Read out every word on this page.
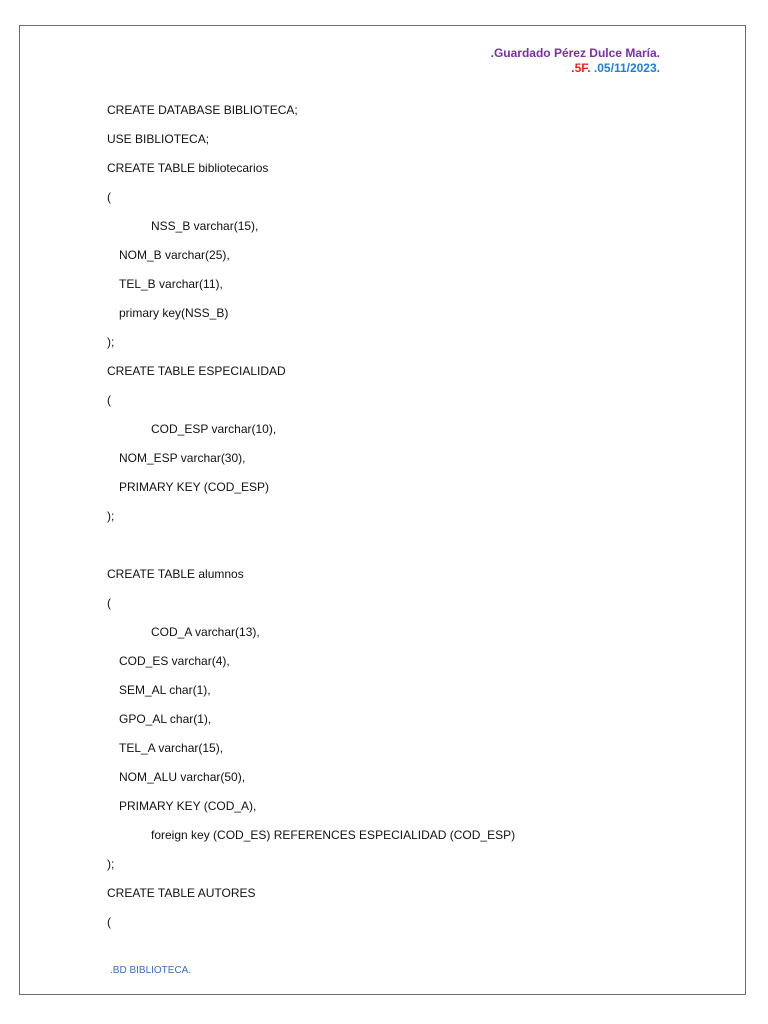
.Guardado Pérez Dulce María.
.5F. .05/11/2023.
CREATE DATABASE BIBLIOTECA;
USE BIBLIOTECA;
CREATE TABLE bibliotecarios
(
NSS_B varchar(15),
NOM_B varchar(25),
TEL_B varchar(11),
primary key(NSS_B)
);
CREATE TABLE ESPECIALIDAD
(
COD_ESP varchar(10),
NOM_ESP varchar(30),
PRIMARY KEY (COD_ESP)
);
CREATE TABLE alumnos
(
COD_A varchar(13),
COD_ES varchar(4),
SEM_AL char(1),
GPO_AL char(1),
TEL_A varchar(15),
NOM_ALU varchar(50),
PRIMARY KEY (COD_A),
foreign key (COD_ES) REFERENCES ESPECIALIDAD (COD_ESP)
);
CREATE TABLE AUTORES
(
.BD BIBLIOTECA.
